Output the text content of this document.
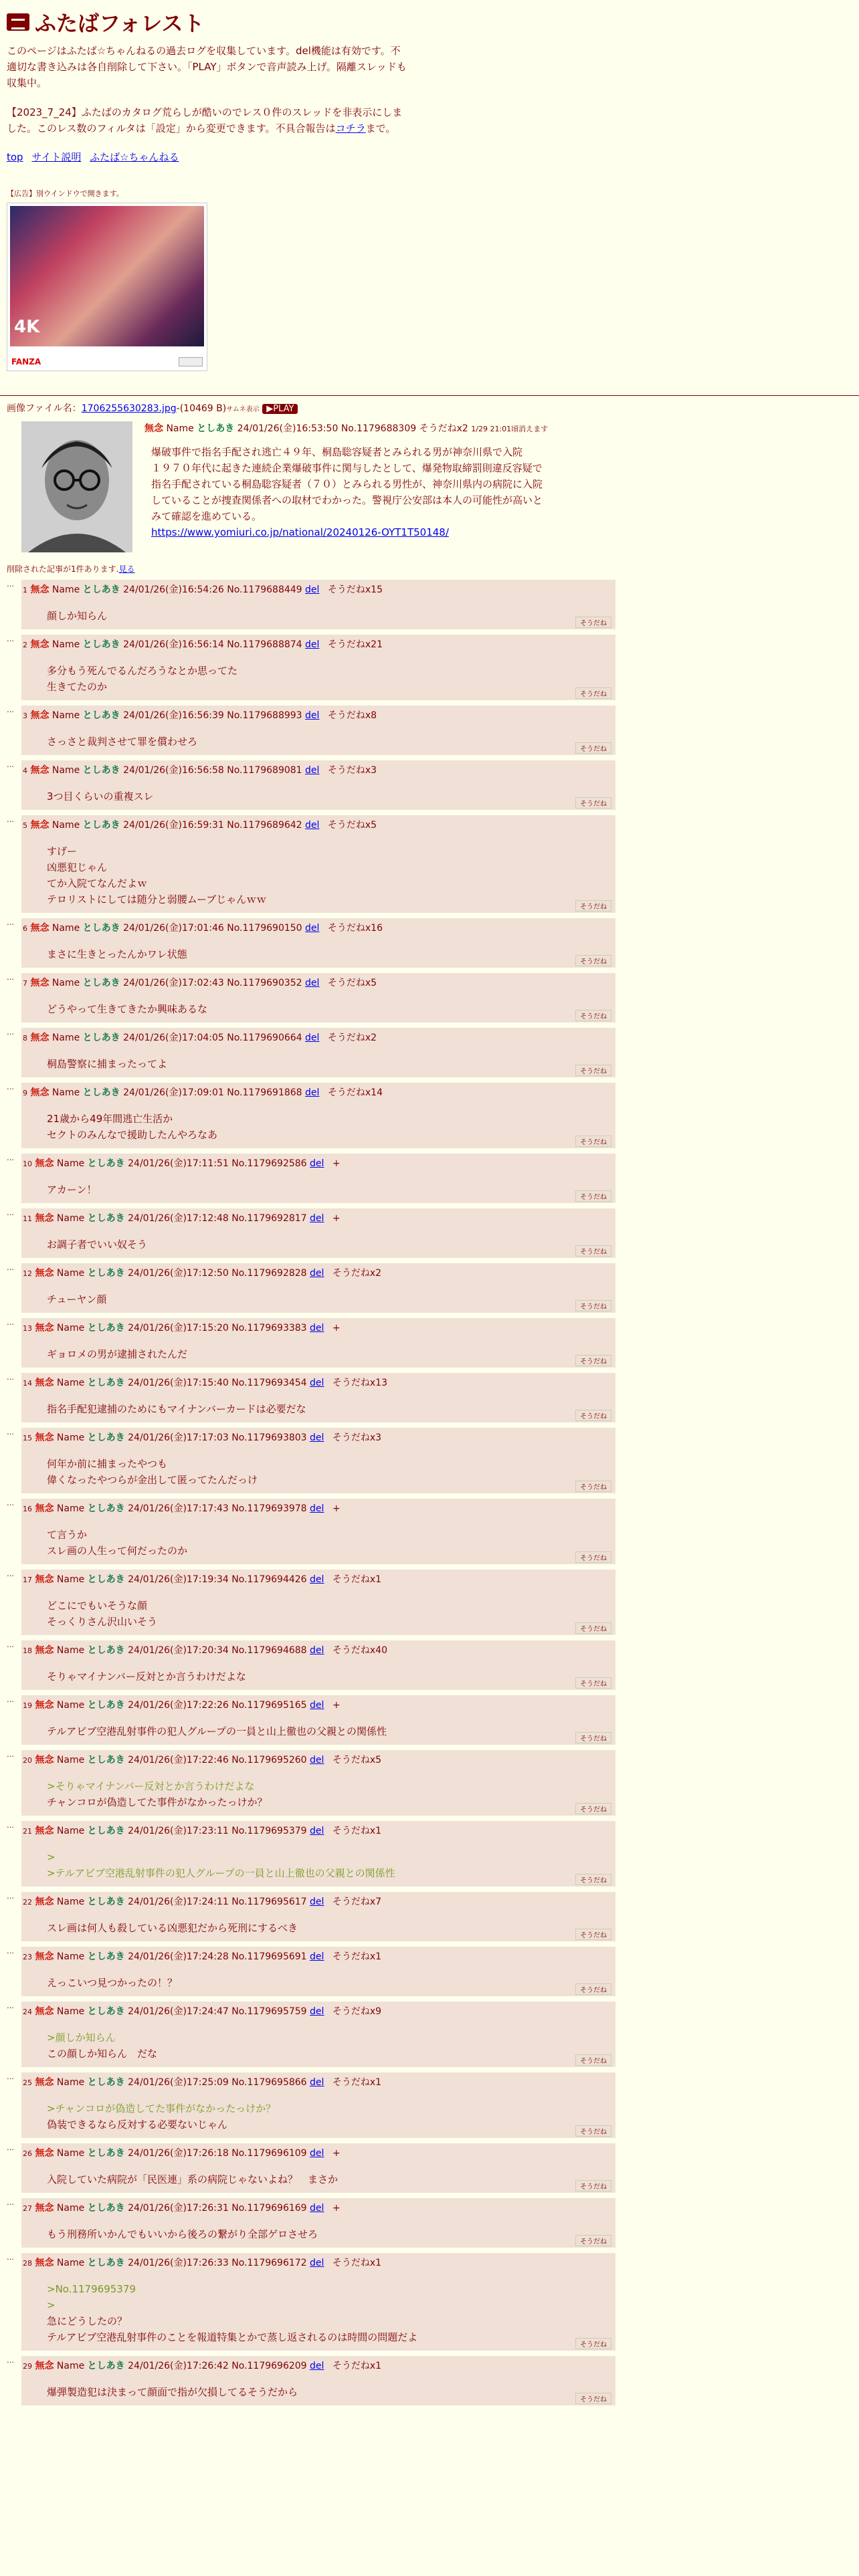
ふたばフォレスト

このページはふたば☆ちゃんねるの過去ログを収集しています。del機能は有効です。不適切な書き込みは各自削除して下さい。「PLAY」ボタンで音声読み上げ。隔離スレッドも収集中。

【2023_7_24】ふたばのカタログ荒らしが酷いのでレス０件のスレッドを非表示にしました。このレス数のフィルタは「設定」から変更できます。不具合報告はコチラまで。

top サイト説明 ふたば☆ちゃんねる
【広告】別ウインドウで開きます。
4K
FANZA
画像ファイル名：1706255630283.jpg-(10469 B)サムネ表示 ▶PLAY
無念 Name としあき 24/01/26(金)16:53:50 No.1179688309 そうだねx2 1/29 21:01頃消えます
爆破事件で指名手配され逃亡４９年、桐島聡容疑者とみられる男が神奈川県で入院
１９７０年代に起きた連続企業爆破事件に関与したとして、爆発物取締罰則違反容疑で
指名手配されている桐島聡容疑者（７０）とみられる男性が、神奈川県内の病院に入院
していることが捜査関係者への取材でわかった。警視庁公安部は本人の可能性が高いと
みて確認を進めている。
https://www.yomiuri.co.jp/national/20240126-OYT1T50148/
削除された記事が1件あります.見る
…
1 無念 Name としあき 24/01/26(金)16:54:26 No.1179688449 del そうだねx15
顔しか知らん
そうだね
…
2 無念 Name としあき 24/01/26(金)16:56:14 No.1179688874 del そうだねx21
多分もう死んでるんだろうなとか思ってた
生きてたのか
そうだね
…
3 無念 Name としあき 24/01/26(金)16:56:39 No.1179688993 del そうだねx8
さっさと裁判させて罪を償わせろ
そうだね
…
4 無念 Name としあき 24/01/26(金)16:56:58 No.1179689081 del そうだねx3
3つ目くらいの重複スレ
そうだね
…
5 無念 Name としあき 24/01/26(金)16:59:31 No.1179689642 del そうだねx5
すげー
凶悪犯じゃん
てか入院てなんだよｗ
テロリストにしては随分と弱腰ムーブじゃんｗｗ
そうだね
…
6 無念 Name としあき 24/01/26(金)17:01:46 No.1179690150 del そうだねx16
まさに生きとったんかワレ状態
そうだね
…
7 無念 Name としあき 24/01/26(金)17:02:43 No.1179690352 del そうだねx5
どうやって生きてきたか興味あるな
そうだね
…
8 無念 Name としあき 24/01/26(金)17:04:05 No.1179690664 del そうだねx2
桐島警察に捕まったってよ
そうだね
…
9 無念 Name としあき 24/01/26(金)17:09:01 No.1179691868 del そうだねx14
21歳から49年間逃亡生活か
セクトのみんなで援助したんやろなあ
そうだね
…
10 無念 Name としあき 24/01/26(金)17:11:51 No.1179692586 del +
アカーン！
そうだね
…
11 無念 Name としあき 24/01/26(金)17:12:48 No.1179692817 del +
お調子者でいい奴そう
そうだね
…
12 無念 Name としあき 24/01/26(金)17:12:50 No.1179692828 del そうだねx2
チューヤン顔
そうだね
…
13 無念 Name としあき 24/01/26(金)17:15:20 No.1179693383 del +
ギョロメの男が逮捕されたんだ
そうだね
…
14 無念 Name としあき 24/01/26(金)17:15:40 No.1179693454 del そうだねx13
指名手配犯逮捕のためにもマイナンバーカードは必要だな
そうだね
…
15 無念 Name としあき 24/01/26(金)17:17:03 No.1179693803 del そうだねx3
何年か前に捕まったやつも
偉くなったやつらが金出して匿ってたんだっけ
そうだね
…
16 無念 Name としあき 24/01/26(金)17:17:43 No.1179693978 del +
て言うか
スレ画の人生って何だったのか
そうだね
…
17 無念 Name としあき 24/01/26(金)17:19:34 No.1179694426 del そうだねx1
どこにでもいそうな顔
そっくりさん沢山いそう
そうだね
…
18 無念 Name としあき 24/01/26(金)17:20:34 No.1179694688 del そうだねx40
そりゃマイナンバー反対とか言うわけだよな
そうだね
…
19 無念 Name としあき 24/01/26(金)17:22:26 No.1179695165 del +
テルアビブ空港乱射事件の犯人グループの一員と山上徹也の父親との関係性
そうだね
…
20 無念 Name としあき 24/01/26(金)17:22:46 No.1179695260 del そうだねx5
>そりゃマイナンバー反対とか言うわけだよな
チャンコロが偽造してた事件がなかったっけか？
そうだね
…
21 無念 Name としあき 24/01/26(金)17:23:11 No.1179695379 del そうだねx1
>
>テルアビブ空港乱射事件の犯人グループの一員と山上徹也の父親との関係性
そうだね
…
22 無念 Name としあき 24/01/26(金)17:24:11 No.1179695617 del そうだねx7
スレ画は何人も殺している凶悪犯だから死刑にするべき
そうだね
…
23 無念 Name としあき 24/01/26(金)17:24:28 No.1179695691 del そうだねx1
えっこいつ見つかったの！？
そうだね
…
24 無念 Name としあき 24/01/26(金)17:24:47 No.1179695759 del そうだねx9
>顔しか知らん
この顔しか知らん　だな
そうだね
…
25 無念 Name としあき 24/01/26(金)17:25:09 No.1179695866 del そうだねx1
>チャンコロが偽造してた事件がなかったっけか？
偽装できるなら反対する必要ないじゃん
そうだね
…
26 無念 Name としあき 24/01/26(金)17:26:18 No.1179696109 del +
入院していた病院が「民医連」系の病院じゃないよね？　まさか
そうだね
…
27 無念 Name としあき 24/01/26(金)17:26:31 No.1179696169 del +
もう刑務所いかんでもいいから後ろの繋がり全部ゲロさせろ
そうだね
…
28 無念 Name としあき 24/01/26(金)17:26:33 No.1179696172 del そうだねx1
>No.1179695379
>
急にどうしたの？
テルアビブ空港乱射事件のことを報道特集とかで蒸し返されるのは時間の問題だよ
そうだね
…
29 無念 Name としあき 24/01/26(金)17:26:42 No.1179696209 del そうだねx1
爆弾製造犯は決まって顔面で指が欠損してるそうだから
そうだね
